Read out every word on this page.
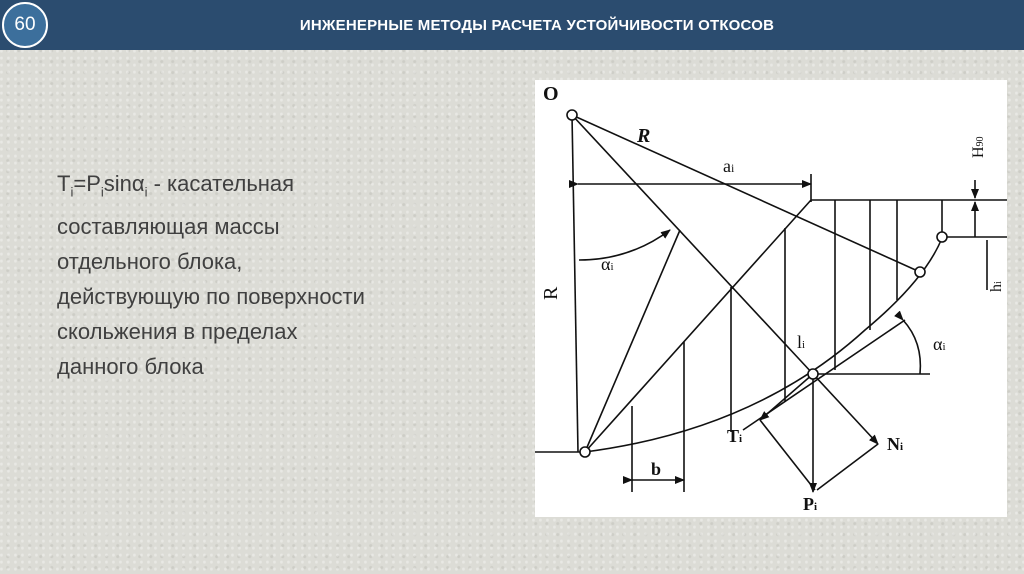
60	ИНЖЕНЕРНЫЕ МЕТОДЫ РАСЧЕТА УСТОЙЧИВОСТИ ОТКОСОВ
$T_i=P_i\sin\alpha_i$ - касательная
составляющая массы
отдельного блока,
действующую по поверхности
скольжения в пределах
данного блока
O
R
R
ai
H90
hi
αi
αi
li
Ti	Ni
Pi
b
